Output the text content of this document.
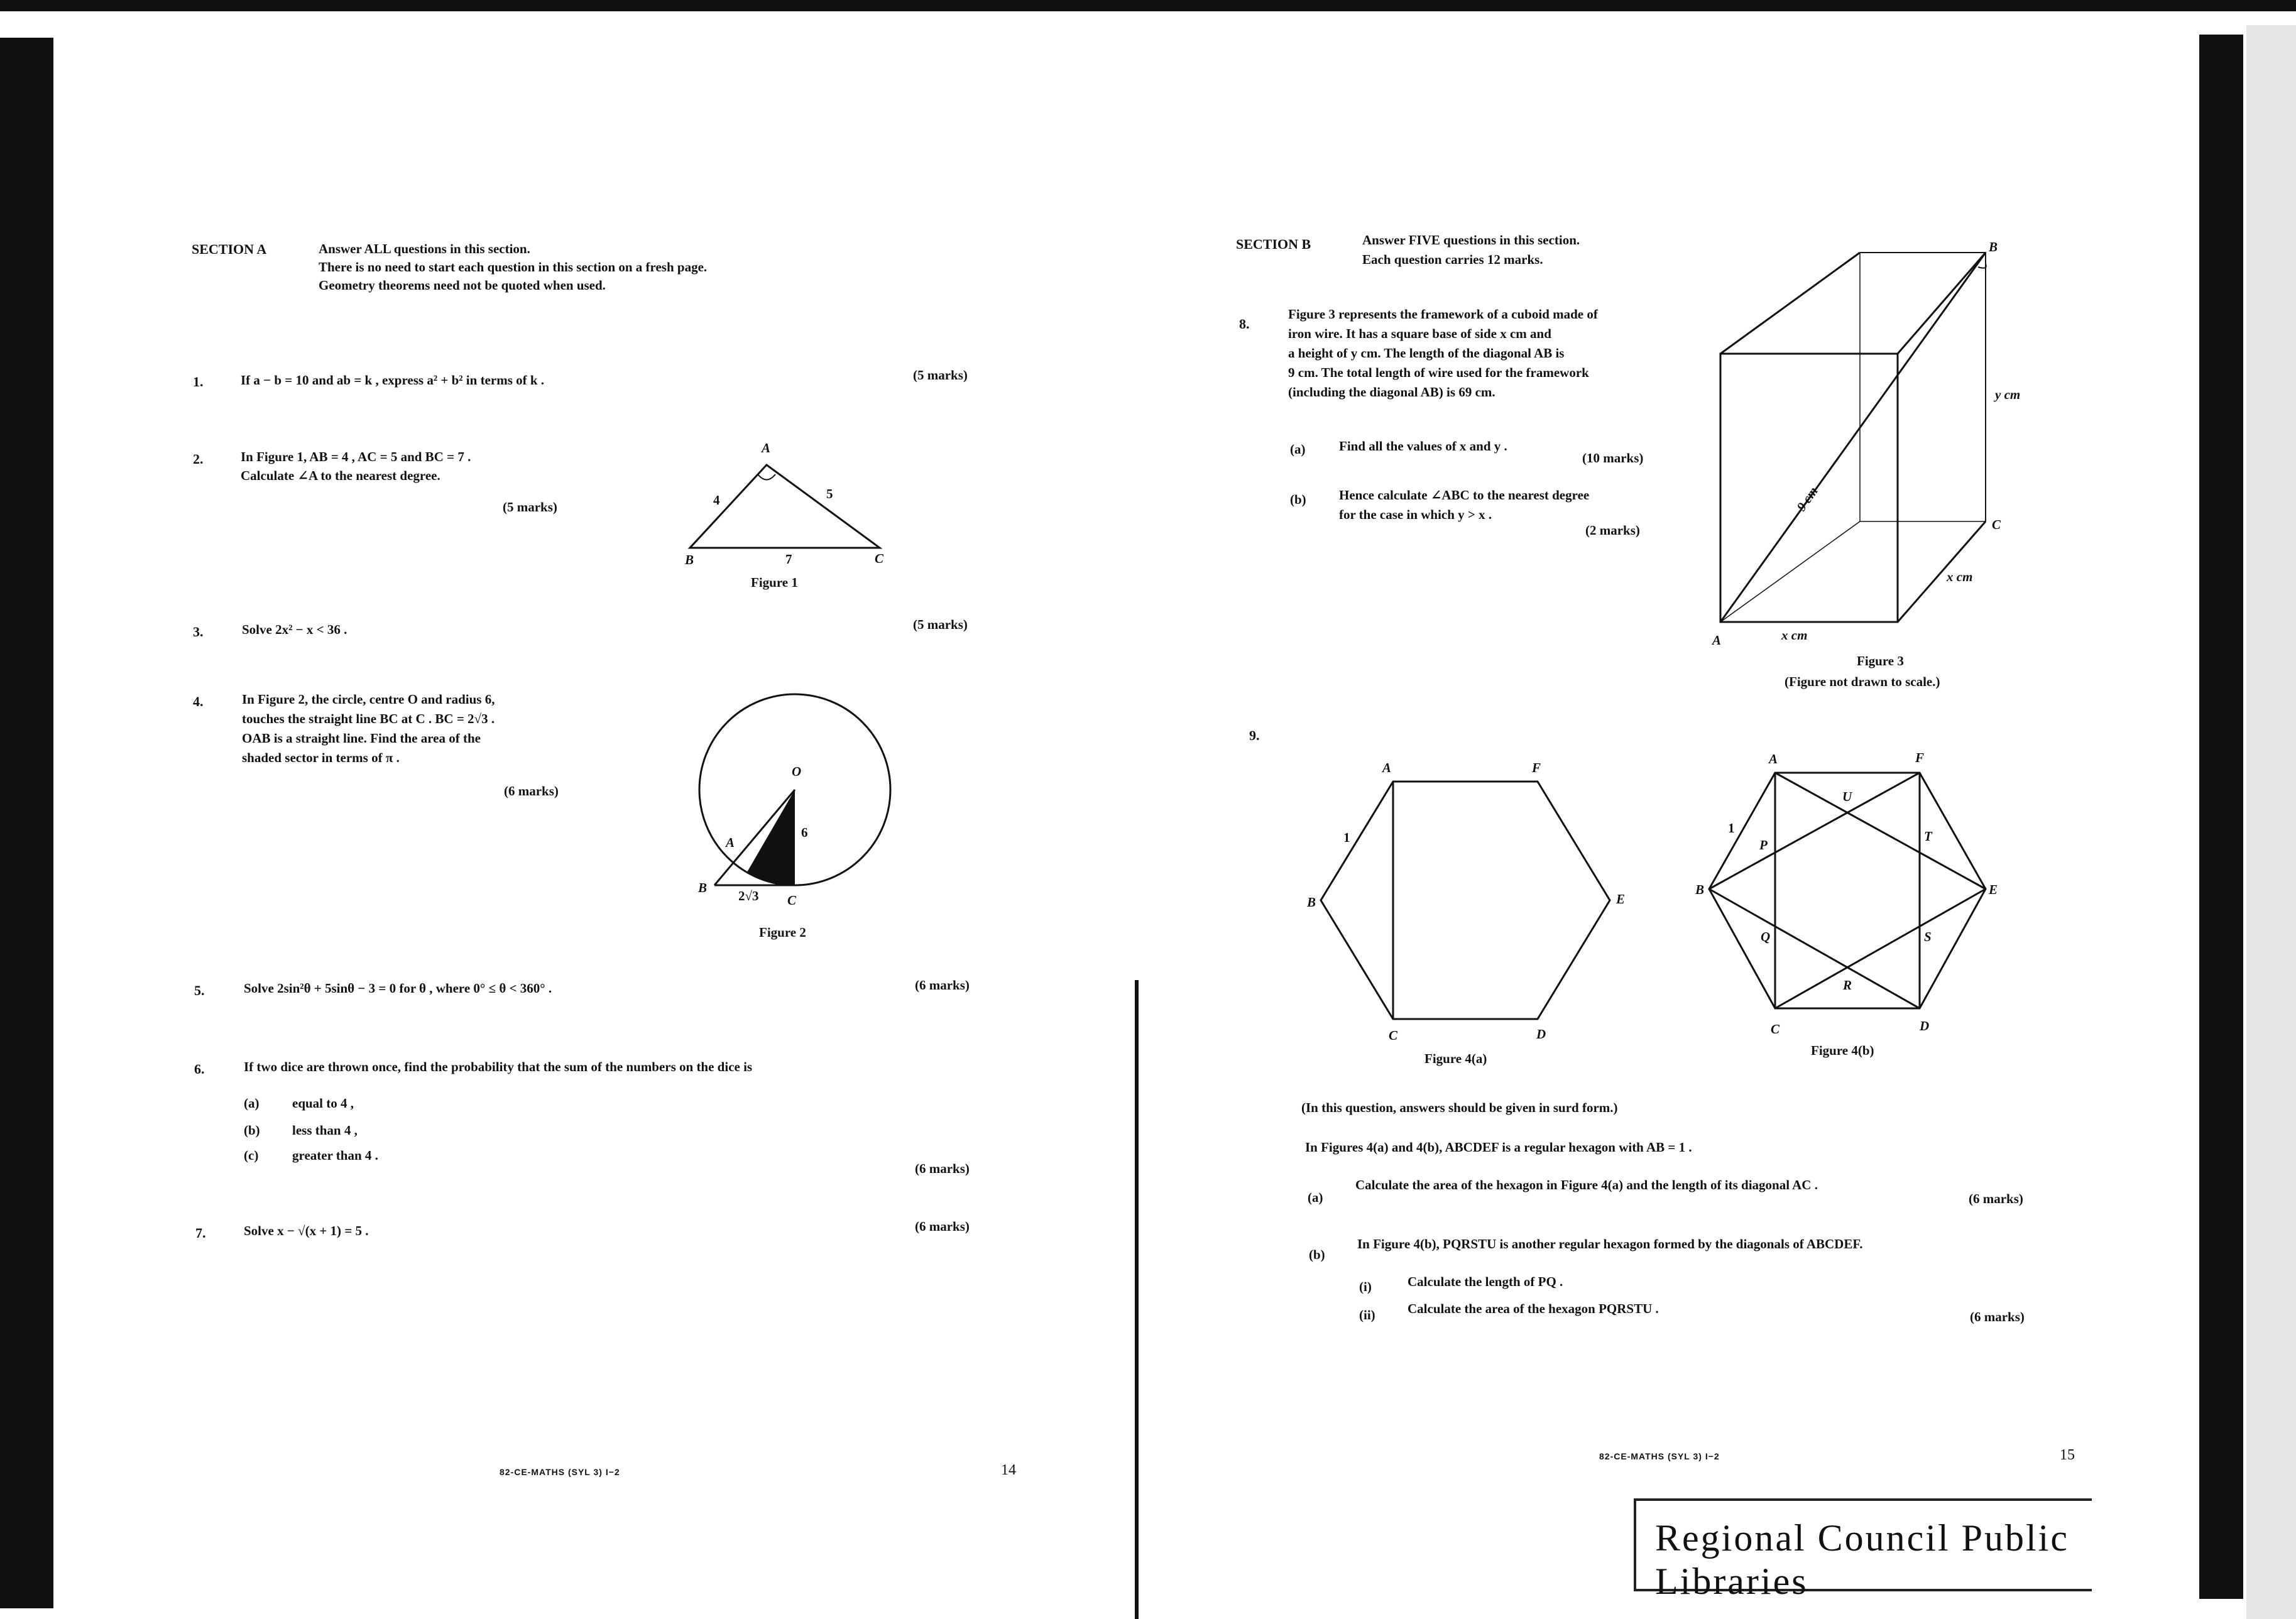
SECTION A	Answer ALL questions in this section.
There is no need to start each question in this section on a fresh page.
Geometry theorems need not be quoted when used.
1.	If a − b = 10 and ab = k , express a² + b² in terms of k .	(5 marks)
2.	In Figure 1, AB = 4 , AC = 5 and BC = 7 .
Calculate ∠A to the nearest degree.
(5 marks)
A
B	C
4	5
7
Figure 1
3.	Solve 2x² − x < 36 .	(5 marks)
4.	In Figure 2, the circle, centre O and radius 6,
touches the straight line BC at C . BC = 2√3 .
OAB is a straight line. Find the area of the
shaded sector in terms of π .
(6 marks)
O
A
B
C
6
2√3
Figure 2
5.	Solve 2sin²θ + 5sinθ − 3 = 0 for θ , where 0° ≤ θ < 360° .	(6 marks)
6.	If two dice are thrown once, find the probability that the sum of the numbers on the dice is
(a)	equal to 4 ,
(b) less than 4 ,
(c)	greater than 4 .
(6 marks)
7.	Solve x − √(x + 1) = 5 .	(6 marks)
82-CE-MATHS (SYL 3) I−2	14
SECTION B	Answer FIVE questions in this section.
Each question carries 12 marks.
8.
Figure 3 represents the framework of a cuboid made of
iron wire. It has a square base of side x cm and
a height of y cm. The length of the diagonal AB is
9 cm. The total length of wire used for the framework
(including the diagonal AB) is 69 cm.
(a)	Find all the values of x and y .
(10 marks)
(b) Hence calculate ∠ABC to the nearest degree
for the case in which y > x .
(2 marks)
A
B
C
9 cm
y cm
x cm
x cm
Figure 3
(Figure not drawn to scale.)
9.
A	F
B	E
C	D
1
Figure 4(a)
A	F
B	E
C	D
U
P
T
Q	S
R
1
Figure 4(b)
(In this question, answers should be given in surd form.)
In Figures 4(a) and 4(b), ABCDEF is a regular hexagon with AB = 1 .
(a)
Calculate the area of the hexagon in Figure 4(a) and the length of its diagonal AC .
(6 marks)
(b)
In Figure 4(b), PQRSTU is another regular hexagon formed by the diagonals of ABCDEF.
(i)	Calculate the length of PQ .
(ii) Calculate the area of the hexagon PQRSTU .
(6 marks)
82-CE-MATHS (SYL 3) I−2	15
Regional Council Public Libraries
